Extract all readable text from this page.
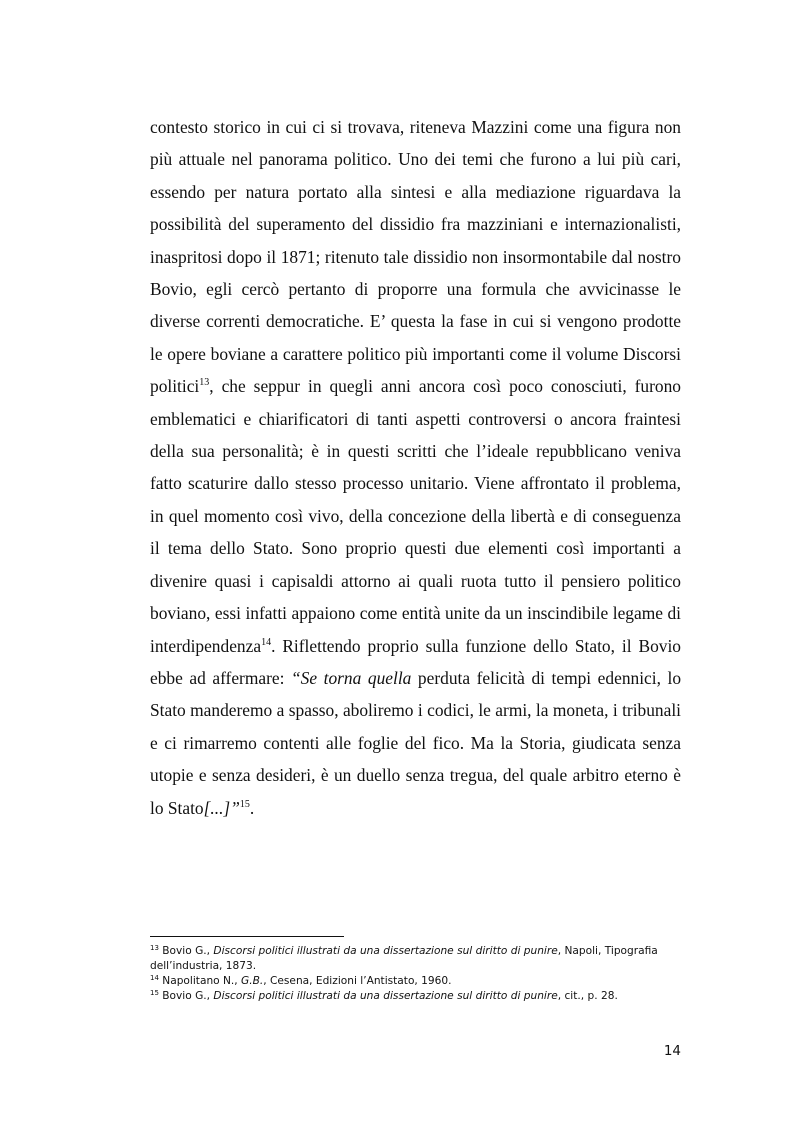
contesto storico in cui ci si trovava, riteneva Mazzini come una figura non più attuale nel panorama politico. Uno dei temi che furono a lui più cari, essendo per natura portato alla sintesi e alla mediazione riguardava la possibilità del superamento del dissidio fra mazziniani e internazionalisti, inaspritosi dopo il 1871; ritenuto tale dissidio non insormontabile dal nostro Bovio, egli cercò pertanto di proporre una formula che avvicinasse le diverse correnti democratiche. E’ questa la fase in cui si vengono prodotte le opere boviane a carattere politico più importanti come il volume Discorsi politici$^{13}$, che seppur in quegli anni ancora così poco conosciuti, furono emblematici e chiarificatori di tanti aspetti controversi o ancora fraintesi della sua personalità; è in questi scritti che l’ideale repubblicano veniva fatto scaturire dallo stesso processo unitario. Viene affrontato il problema, in quel momento così vivo, della concezione della libertà e di conseguenza il tema dello Stato. Sono proprio questi due elementi così importanti a divenire quasi i capisaldi attorno ai quali ruota tutto il pensiero politico boviano, essi infatti appaiono come entità unite da un inscindibile legame di interdipendenza$^{14}$. Riflettendo proprio sulla funzione dello Stato, il Bovio ebbe ad affermare: “Se torna quella perduta felicità di tempi edennici, lo Stato manderemo a spasso, aboliremo i codici, le armi, la moneta, i tribunali e ci rimarremo contenti alle foglie del fico. Ma la Storia, giudicata senza utopie e senza desideri, è un duello senza tregua, del quale arbitro eterno è lo Stato[...]”$^{15}$.

$^{13}$ Bovio G., Discorsi politici illustrati da una dissertazione sul diritto di punire, Napoli, Tipografia dell’industria, 1873.

$^{14}$ Napolitano N., G.B., Cesena, Edizioni l’Antistato, 1960.

$^{15}$ Bovio G., Discorsi politici illustrati da una dissertazione sul diritto di punire, cit., p. 28.

14
